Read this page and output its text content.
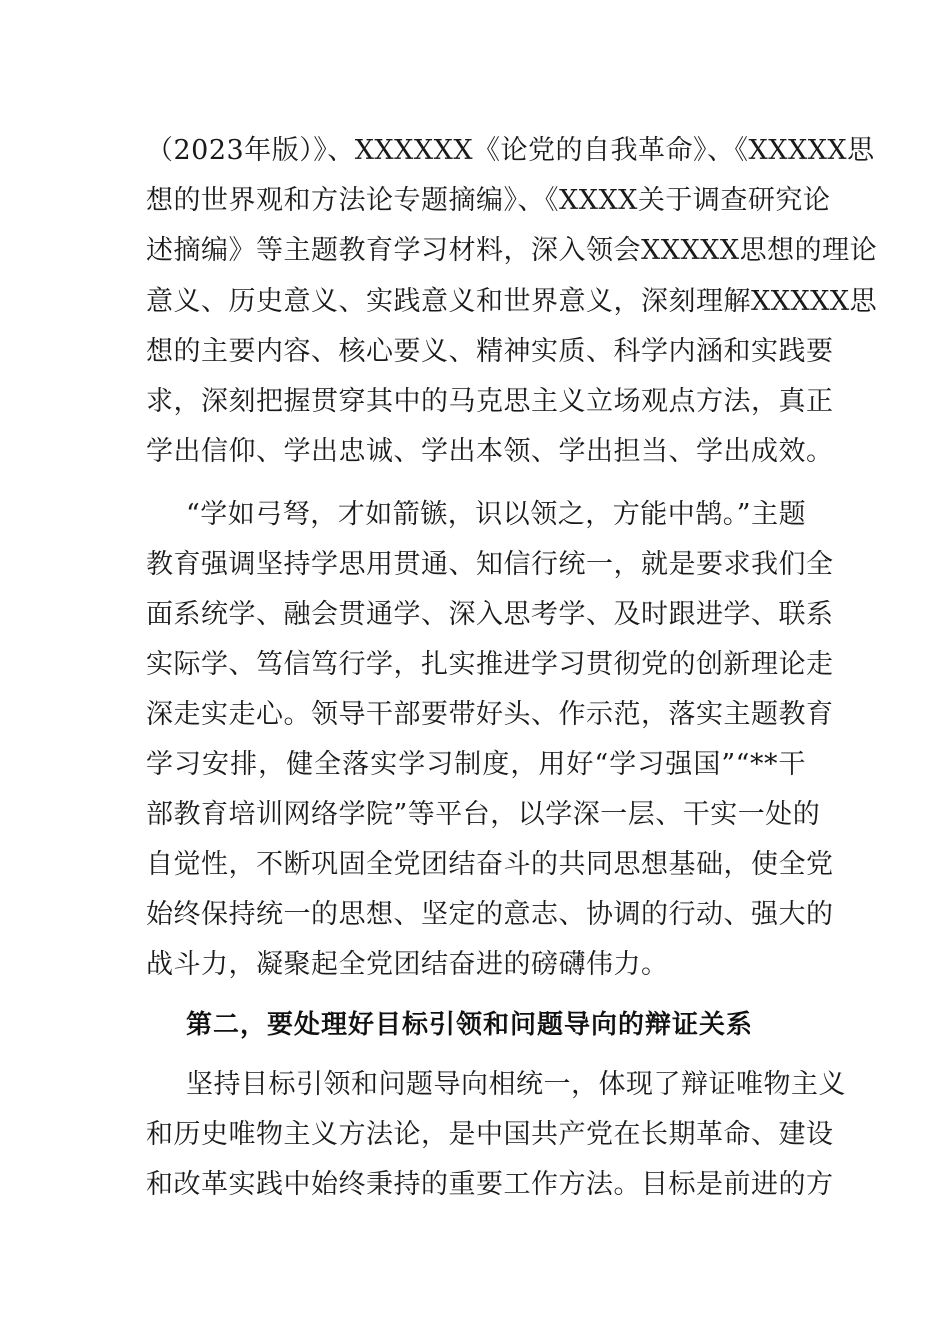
（2023年版）》、XXXXXX《论党的自我革命》、《XXXXX思
想的世界观和方法论专题摘编》、《XXXX关于调查研究论
述摘编》等主题教育学习材料，深入领会XXXXX思想的理论
意义、历史意义、实践意义和世界意义，深刻理解XXXXX思
想的主要内容、核心要义、精神实质、科学内涵和实践要
求，深刻把握贯穿其中的马克思主义立场观点方法，真正
学出信仰、学出忠诚、学出本领、学出担当、学出成效。
“学如弓弩，才如箭镞，识以领之，方能中鹄。”主题
教育强调坚持学思用贯通、知信行统一，就是要求我们全
面系统学、融会贯通学、深入思考学、及时跟进学、联系
实际学、笃信笃行学，扎实推进学习贯彻党的创新理论走
深走实走心。领导干部要带好头、作示范，落实主题教育
学习安排，健全落实学习制度，用好“学习强国”“**干
部教育培训网络学院”等平台，以学深一层、干实一处的
自觉性，不断巩固全党团结奋斗的共同思想基础，使全党
始终保持统一的思想、坚定的意志、协调的行动、强大的
战斗力，凝聚起全党团结奋进的磅礴伟力。
第二，要处理好目标引领和问题导向的辩证关系
坚持目标引领和问题导向相统一，体现了辩证唯物主义
和历史唯物主义方法论，是中国共产党在长期革命、建设
和改革实践中始终秉持的重要工作方法。目标是前进的方
